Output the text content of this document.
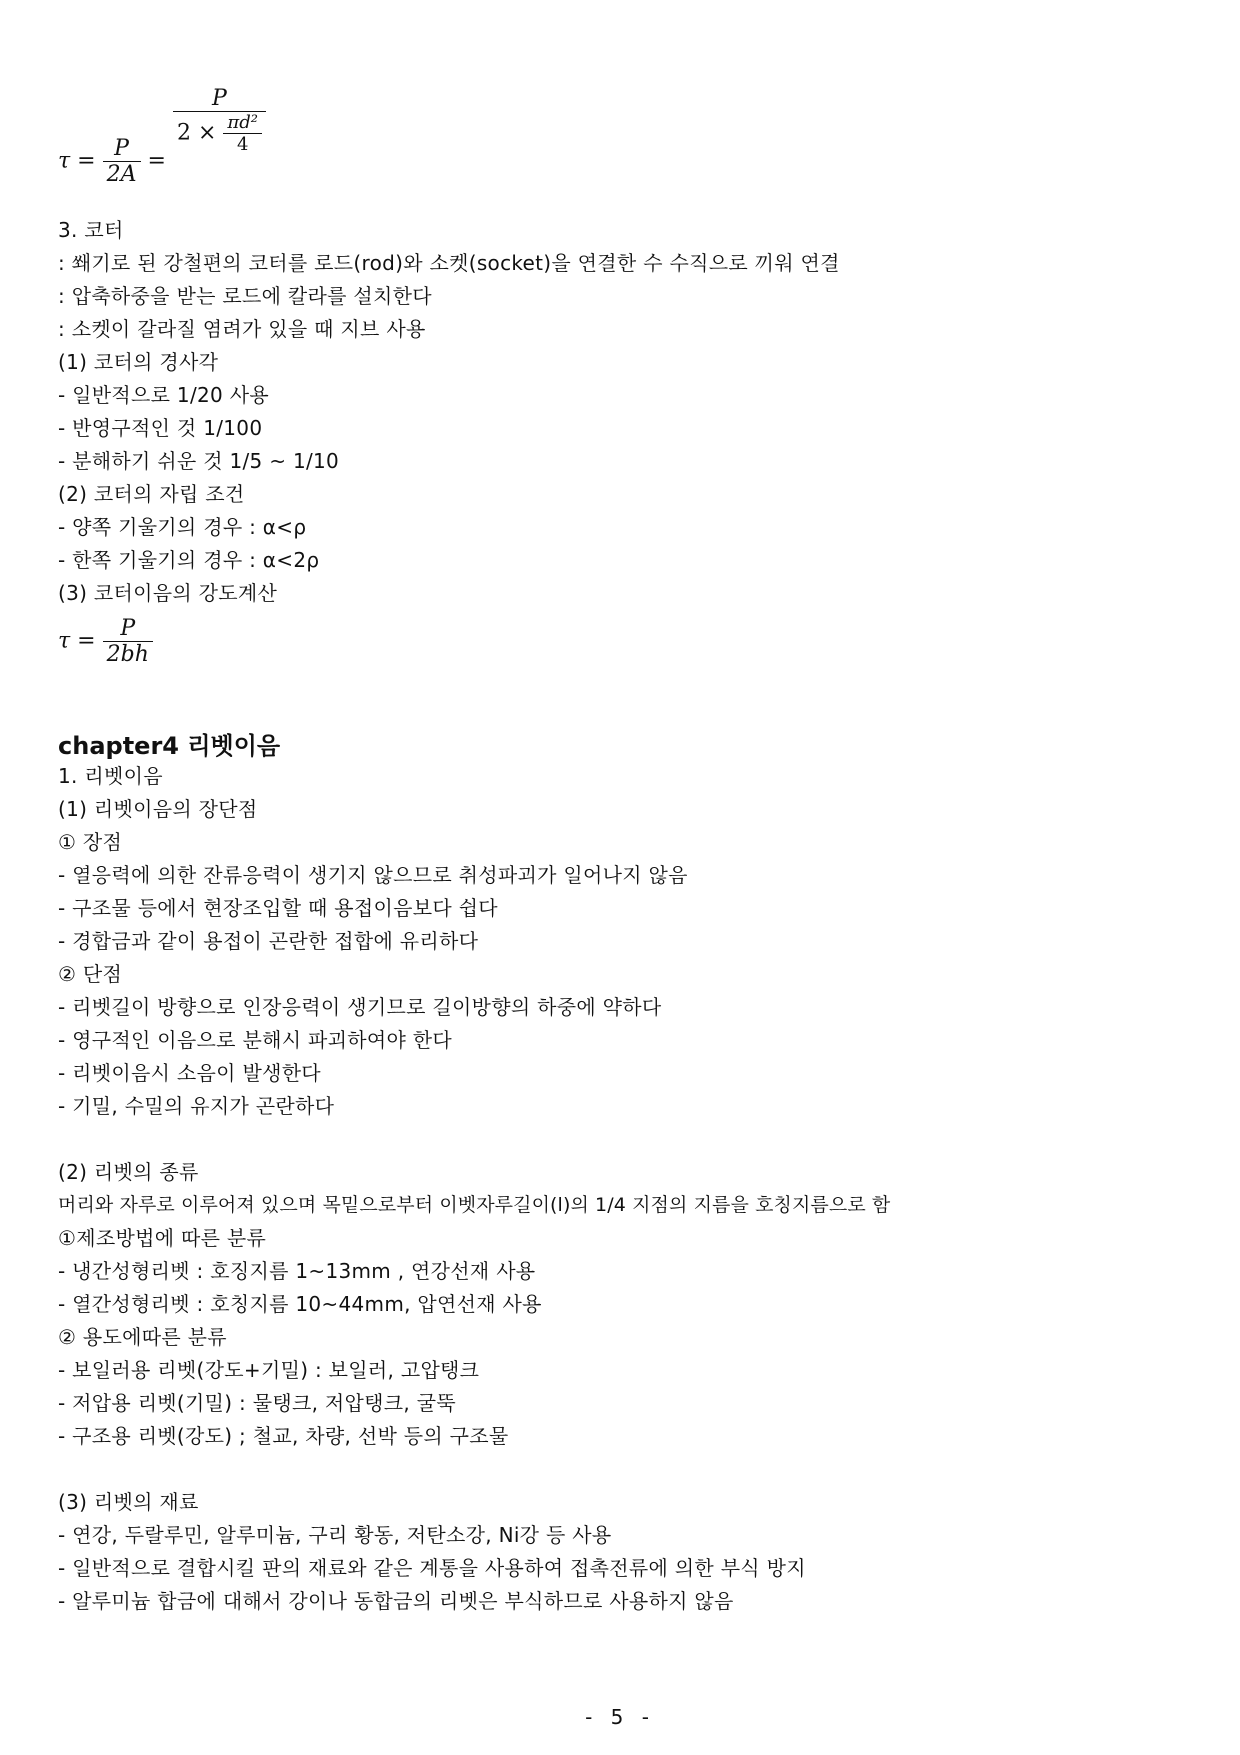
$\tau = \frac{P}{2A}$ =
$\frac{P}{2 \times \frac{\text{πd²}}{4}}$
3. 코터
: 쐐기로 된 강철편의 코터를 로드(rod)와 소켓(socket)을 연결한 수 수직으로 끼워 연결
: 압축하중을 받는 로드에 칼라를 설치한다
: 소켓이 갈라질 염려가 있을 때 지브 사용
(1) 코터의 경사각
- 일반적으로 1/20 사용
- 반영구적인 것 1/100
- 분해하기 쉬운 것 1/5 ~ 1/10
(2) 코터의 자립 조건
- 양쪽 기울기의 경우 : α<ρ
- 한쪽 기울기의 경우 : α<2ρ
(3) 코터이음의 강도계산
$\tau = \frac{P}{2bh}$
chapter4 리벳이음
1. 리벳이음
(1) 리벳이음의 장단점
① 장점
- 열응력에 의한 잔류응력이 생기지 않으므로 취성파괴가 일어나지 않음
- 구조물 등에서 현장조입할 때 용접이음보다 쉽다
- 경합금과 같이 용접이 곤란한 접합에 유리하다
② 단점
- 리벳길이 방향으로 인장응력이 생기므로 길이방향의 하중에 약하다
- 영구적인 이음으로 분해시 파괴하여야 한다
- 리벳이음시 소음이 발생한다
- 기밀, 수밀의 유지가 곤란하다
(2) 리벳의 종류
머리와 자루로 이루어져 있으며 목밑으로부터 이벳자루길이(l)의 1/4 지점의 지름을 호칭지름으로 함
①제조방법에 따른 분류
- 냉간성형리벳 : 호징지름 1~13mm , 연강선재 사용
- 열간성형리벳 : 호칭지름 10~44mm, 압연선재 사용
② 용도에따른 분류
- 보일러용 리벳(강도+기밀) : 보일러, 고압탱크
- 저압용 리벳(기밀) : 물탱크, 저압탱크, 굴뚝
- 구조용 리벳(강도) ; 철교, 차량, 선박 등의 구조물
(3) 리벳의 재료
- 연강, 두랄루민, 알루미늄, 구리 황동, 저탄소강, Ni강 등 사용
- 일반적으로 결합시킬 판의 재료와 같은 계통을 사용하여 접촉전류에 의한 부식 방지
- 알루미늄 합금에 대해서 강이나 동합금의 리벳은 부식하므로 사용하지 않음
- 5 -
